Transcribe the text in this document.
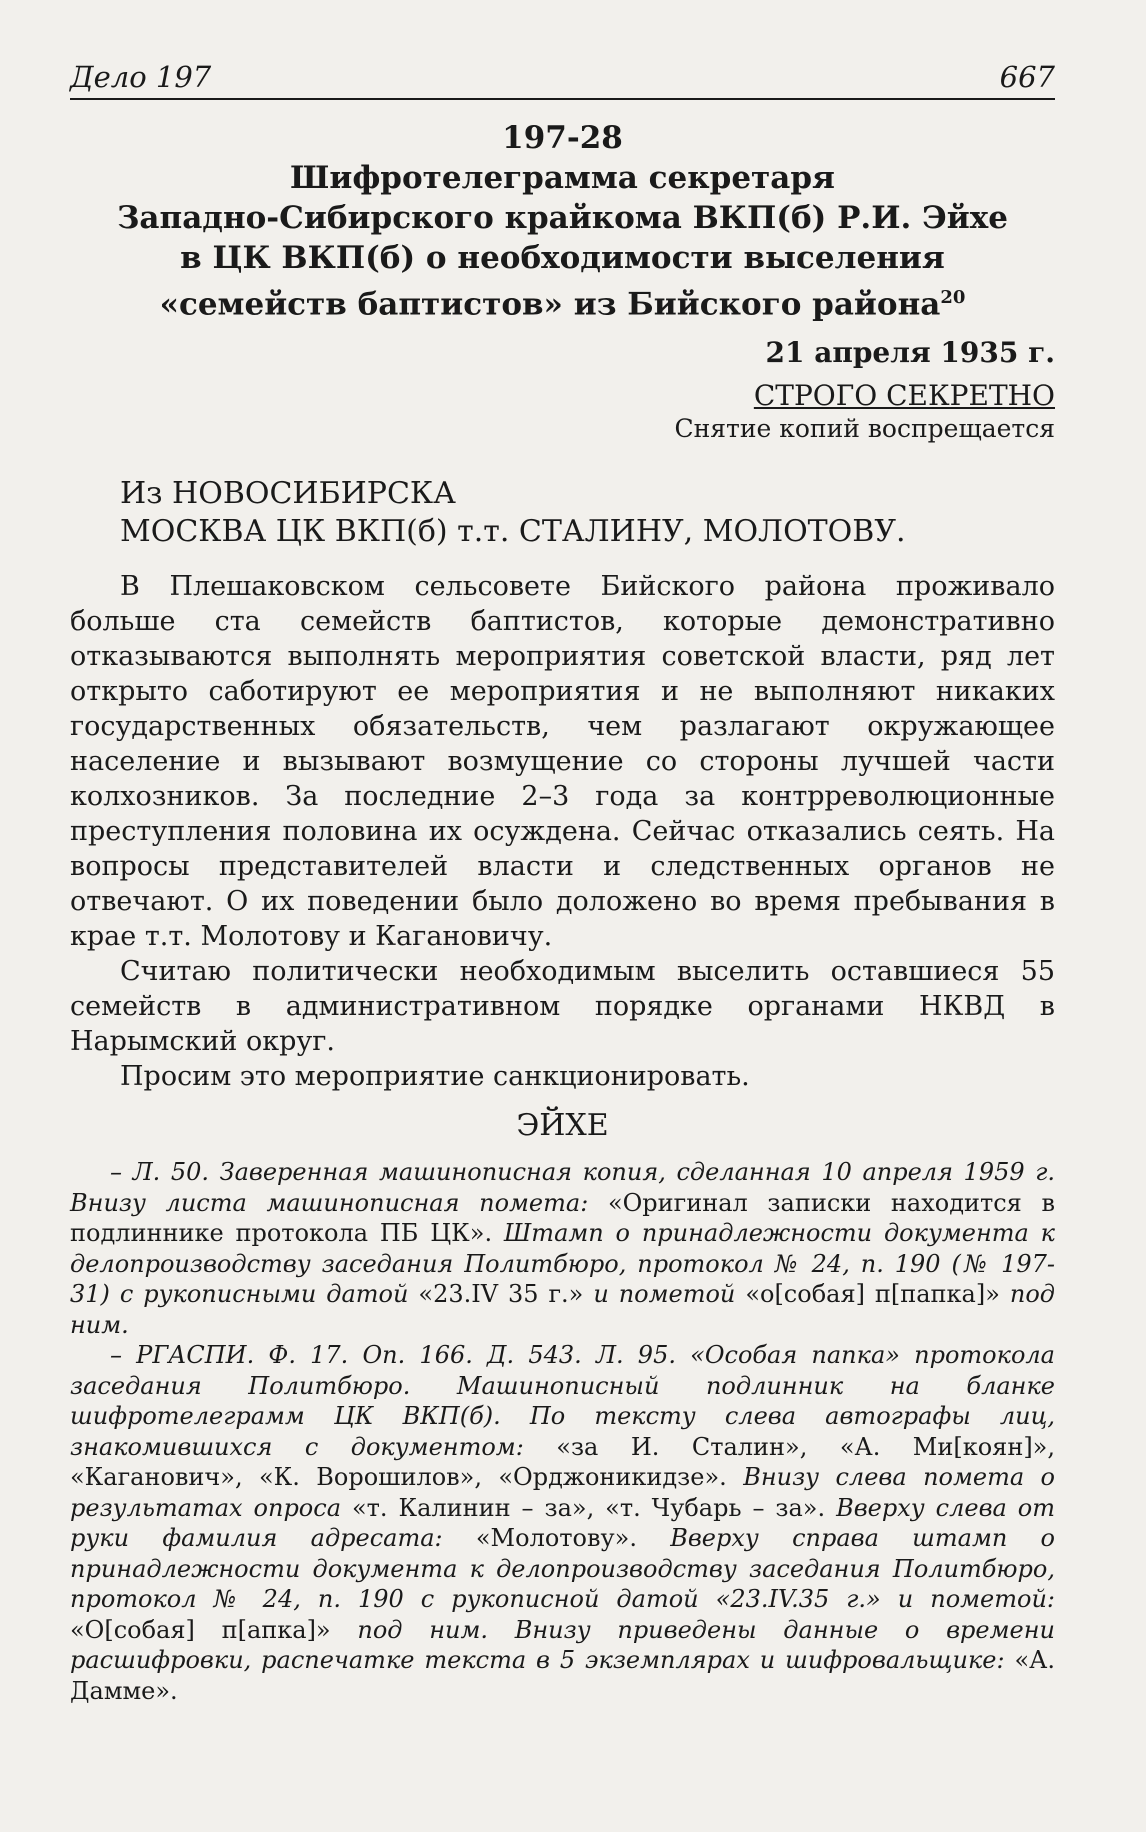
Дело 197	667
197-28
Шифротелеграмма секретаря
Западно-Сибирского крайкома ВКП(б) Р.И. Эйхе
в ЦК ВКП(б) о необходимости выселения
«семейств баптистов» из Бийского района$^{20}$
21 апреля 1935 г.
СТРОГО СЕКРЕТНО
Снятие копий воспрещается
Из НОВОСИБИРСКА
МОСКВА ЦК ВКП(б) т.т. СТАЛИНУ, МОЛОТОВУ.

В Плешаковском сельсовете Бийского района проживало больше ста семейств баптистов, которые демонстративно отказываются выполнять мероприятия советской власти, ряд лет открыто саботируют ее мероприятия и не выполняют никаких государственных обязательств, чем разлагают окружающее население и вызывают возмущение со стороны лучшей части колхозников. За последние 2–3 года за контрреволюционные преступления половина их осуждена. Сейчас отказались сеять. На вопросы представителей власти и следственных органов не отвечают. О их поведении было доложено во время пребывания в крае т.т. Молотову и Кагановичу.

Считаю политически необходимым выселить оставшиеся 55 семейств в административном порядке органами НКВД в Нарымский округ.

Просим это мероприятие санкционировать.

ЭЙХЕ

– Л. 50. Заверенная машинописная копия, сделанная 10 апреля 1959 г. Внизу листа машинописная помета: «Оригинал записки находится в подлиннике протокола ПБ ЦК». Штамп о принадлежности документа к делопроизводству заседания Политбюро, протокол № 24, п. 190 (№ 197-31) с рукописными датой «23.IV 35 г.» и пометой «о[собая] п[папка]» под ним.

– РГАСПИ. Ф. 17. Оп. 166. Д. 543. Л. 95. «Особая папка» протокола заседания Политбюро. Машинописный подлинник на бланке шифротелеграмм ЦК ВКП(б). По тексту слева автографы лиц, знакомившихся с документом: «за И. Сталин», «А. Ми[коян]», «Каганович», «К. Ворошилов», «Орджоникидзе». Внизу слева помета о результатах опроса «т. Калинин – за», «т. Чубарь – за». Вверху слева от руки фамилия адресата: «Молотову». Вверху справа штамп о принадлежности документа к делопроизводству заседания Политбюро, протокол № 24, п. 190 с рукописной датой «23.IV.35 г.» и пометой: «О[собая] п[апка]» под ним. Внизу приведены данные о времени расшифровки, распечатке текста в 5 экземплярах и шифровальщике: «А. Дамме».
